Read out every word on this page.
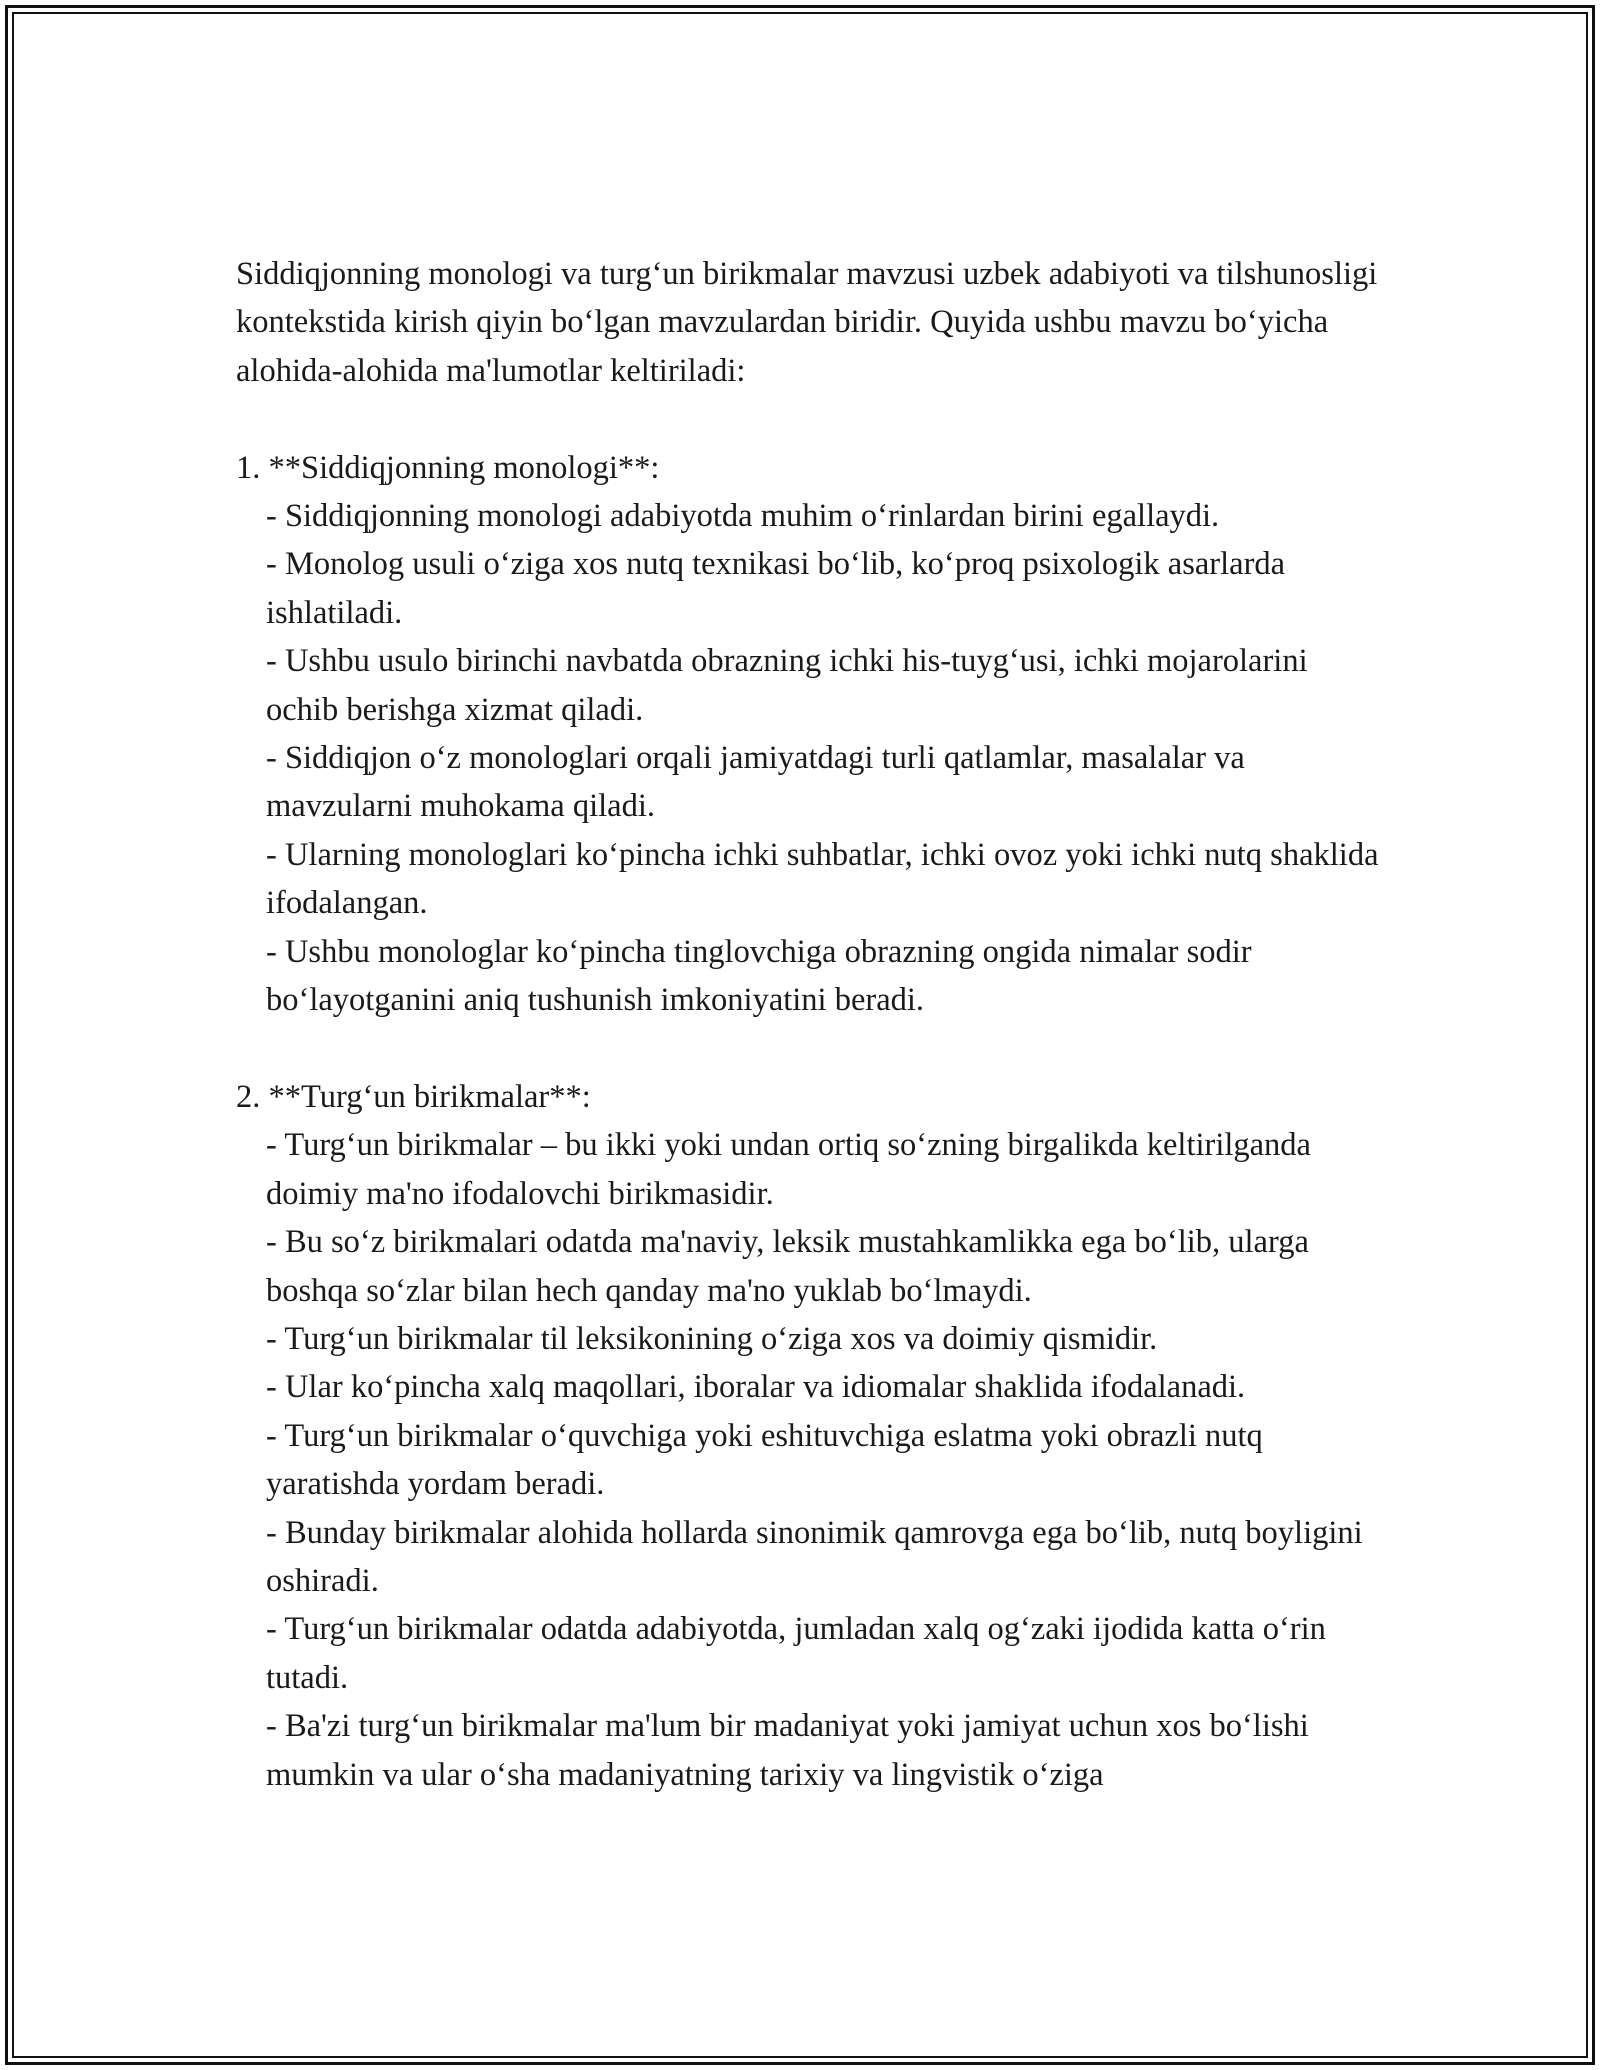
Siddiqjonning monologi va turg‘un birikmalar mavzusi uzbek adabiyoti va tilshunosligi kontekstida kirish qiyin bo‘lgan mavzulardan biridir. Quyida ushbu mavzu bo‘yicha alohida-alohida ma'lumotlar keltiriladi:

1. **Siddiqjonning monologi**:

- Siddiqjonning monologi adabiyotda muhim o‘rinlardan birini egallaydi.

- Monolog usuli o‘ziga xos nutq texnikasi bo‘lib, ko‘proq psixologik asarlarda ishlatiladi.

- Ushbu usulo birinchi navbatda obrazning ichki his-tuyg‘usi, ichki mojarolarini ochib berishga xizmat qiladi.

- Siddiqjon o‘z monologlari orqali jamiyatdagi turli qatlamlar, masalalar va mavzularni muhokama qiladi.

- Ularning monologlari ko‘pincha ichki suhbatlar, ichki ovoz yoki ichki nutq shaklida ifodalangan.

- Ushbu monologlar ko‘pincha tinglovchiga obrazning ongida nimalar sodir bo‘layotganini aniq tushunish imkoniyatini beradi.

2. **Turg‘un birikmalar**:

- Turg‘un birikmalar – bu ikki yoki undan ortiq so‘zning birgalikda keltirilganda doimiy ma'no ifodalovchi birikmasidir.

- Bu so‘z birikmalari odatda ma'naviy, leksik mustahkamlikka ega bo‘lib, ularga boshqa so‘zlar bilan hech qanday ma'no yuklab bo‘lmaydi.

- Turg‘un birikmalar til leksikonining o‘ziga xos va doimiy qismidir.

- Ular ko‘pincha xalq maqollari, iboralar va idiomalar shaklida ifodalanadi.

- Turg‘un birikmalar o‘quvchiga yoki eshituvchiga eslatma yoki obrazli nutq yaratishda yordam beradi.

- Bunday birikmalar alohida hollarda sinonimik qamrovga ega bo‘lib, nutq boyligini oshiradi.

- Turg‘un birikmalar odatda adabiyotda, jumladan xalq og‘zaki ijodida katta o‘rin tutadi.

- Ba'zi turg‘un birikmalar ma'lum bir madaniyat yoki jamiyat uchun xos bo‘lishi mumkin va ular o‘sha madaniyatning tarixiy va lingvistik o‘ziga
